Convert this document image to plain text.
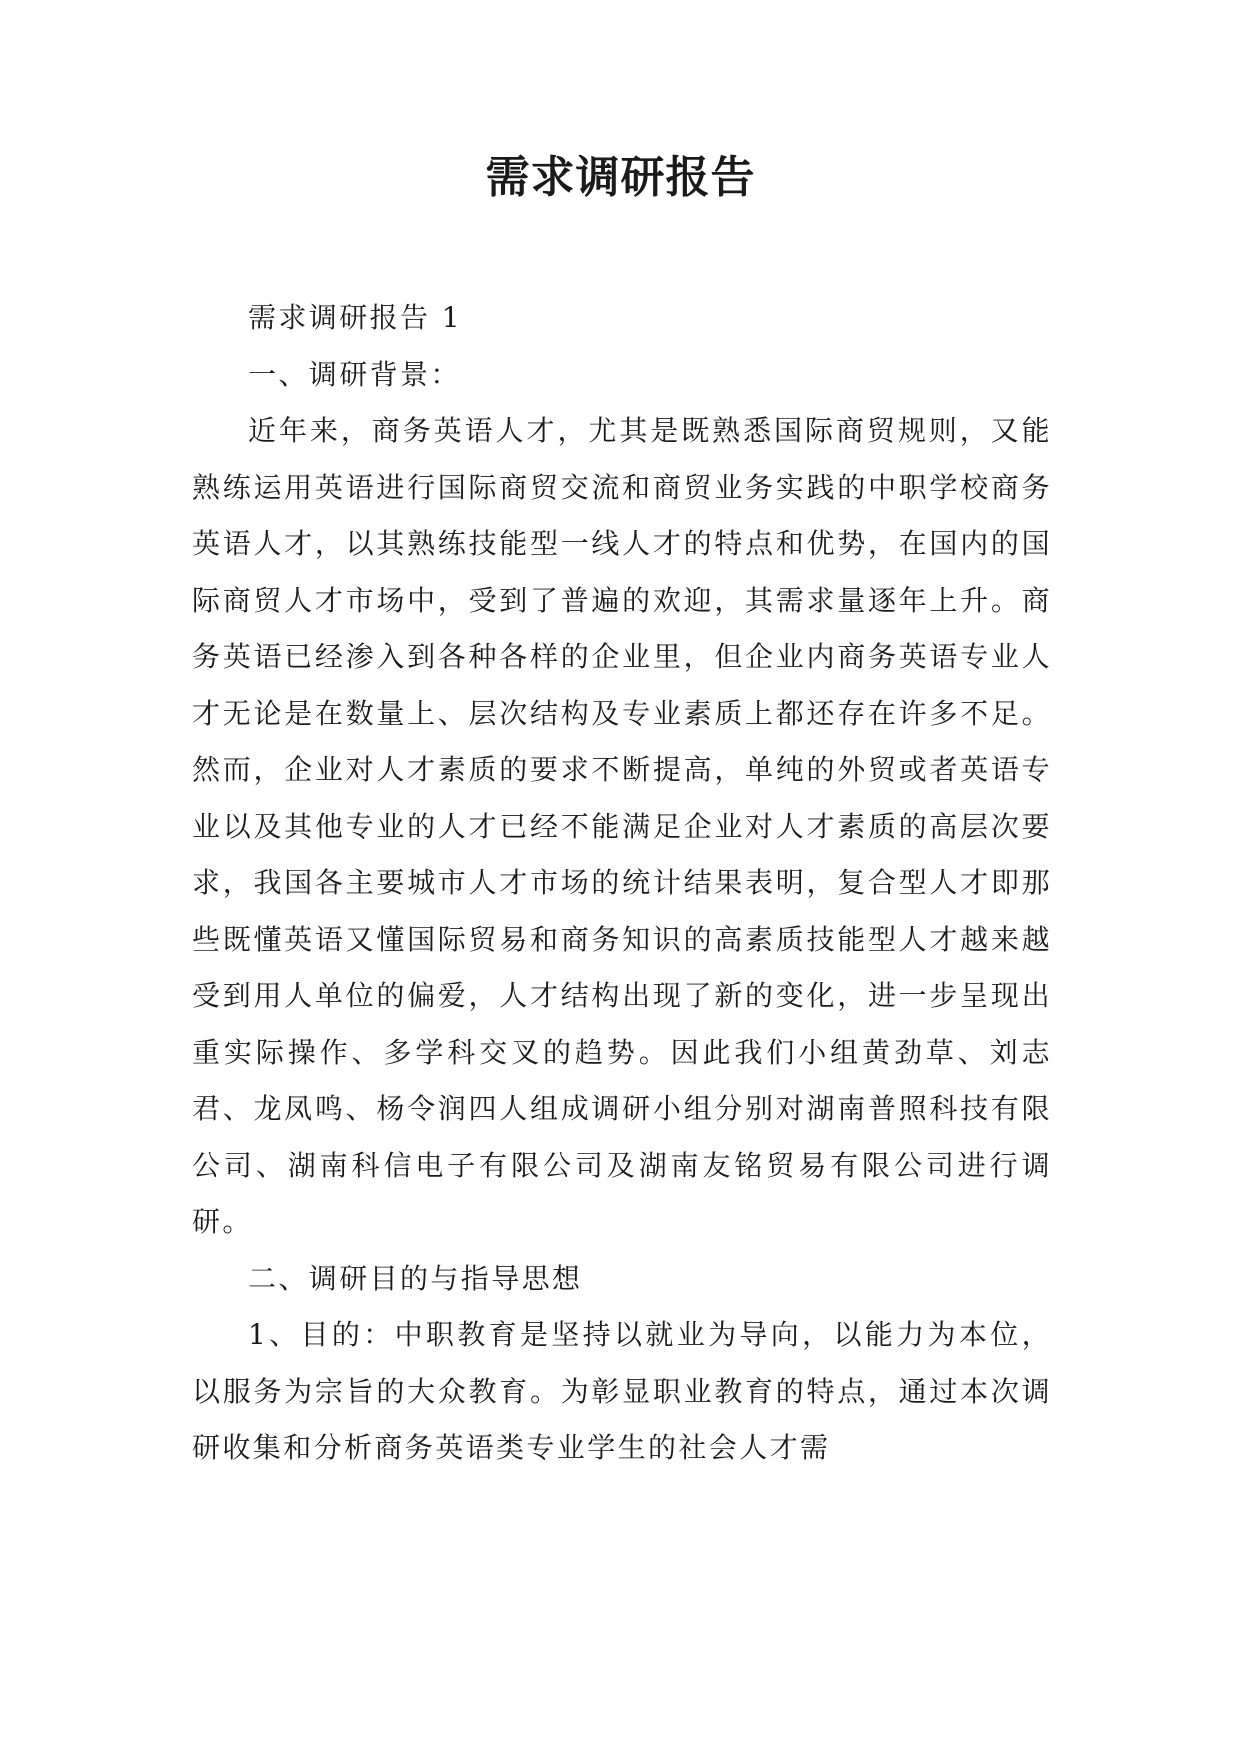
需求调研报告

需求调研报告 1

一、调研背景：

近年来，商务英语人才，尤其是既熟悉国际商贸规则，又能熟练运用英语进行国际商贸交流和商贸业务实践的中职学校商务英语人才，以其熟练技能型一线人才的特点和优势，在国内的国际商贸人才市场中，受到了普遍的欢迎，其需求量逐年上升。商务英语已经渗入到各种各样的企业里，但企业内商务英语专业人才无论是在数量上、层次结构及专业素质上都还存在许多不足。 然而，企业对人才素质的要求不断提高，单纯的外贸或者英语专业以及其他专业的人才已经不能满足企业对人才素质的高层次要求，我国各主要城市人才市场的统计结果表明，复合型人才即那些既懂英语又懂国际贸易和商务知识的高素质技能型人才越来越受到用人单位的偏爱，人才结构出现了新的变化，进一步呈现出重实际操作、多学科交叉的趋势。因此我们小组黄劲草、刘志君、龙凤鸣、杨令润四人组成调研小组分别对湖南普照科技有限公司、湖南科信电子有限公司及湖南友铭贸易有限公司进行调研。

二、调研目的与指导思想

1、目的：中职教育是坚持以就业为导向，以能力为本位，以服务为宗旨的大众教育。为彰显职业教育的特点，通过本次调研收集和分析商务英语类专业学生的社会人才需
